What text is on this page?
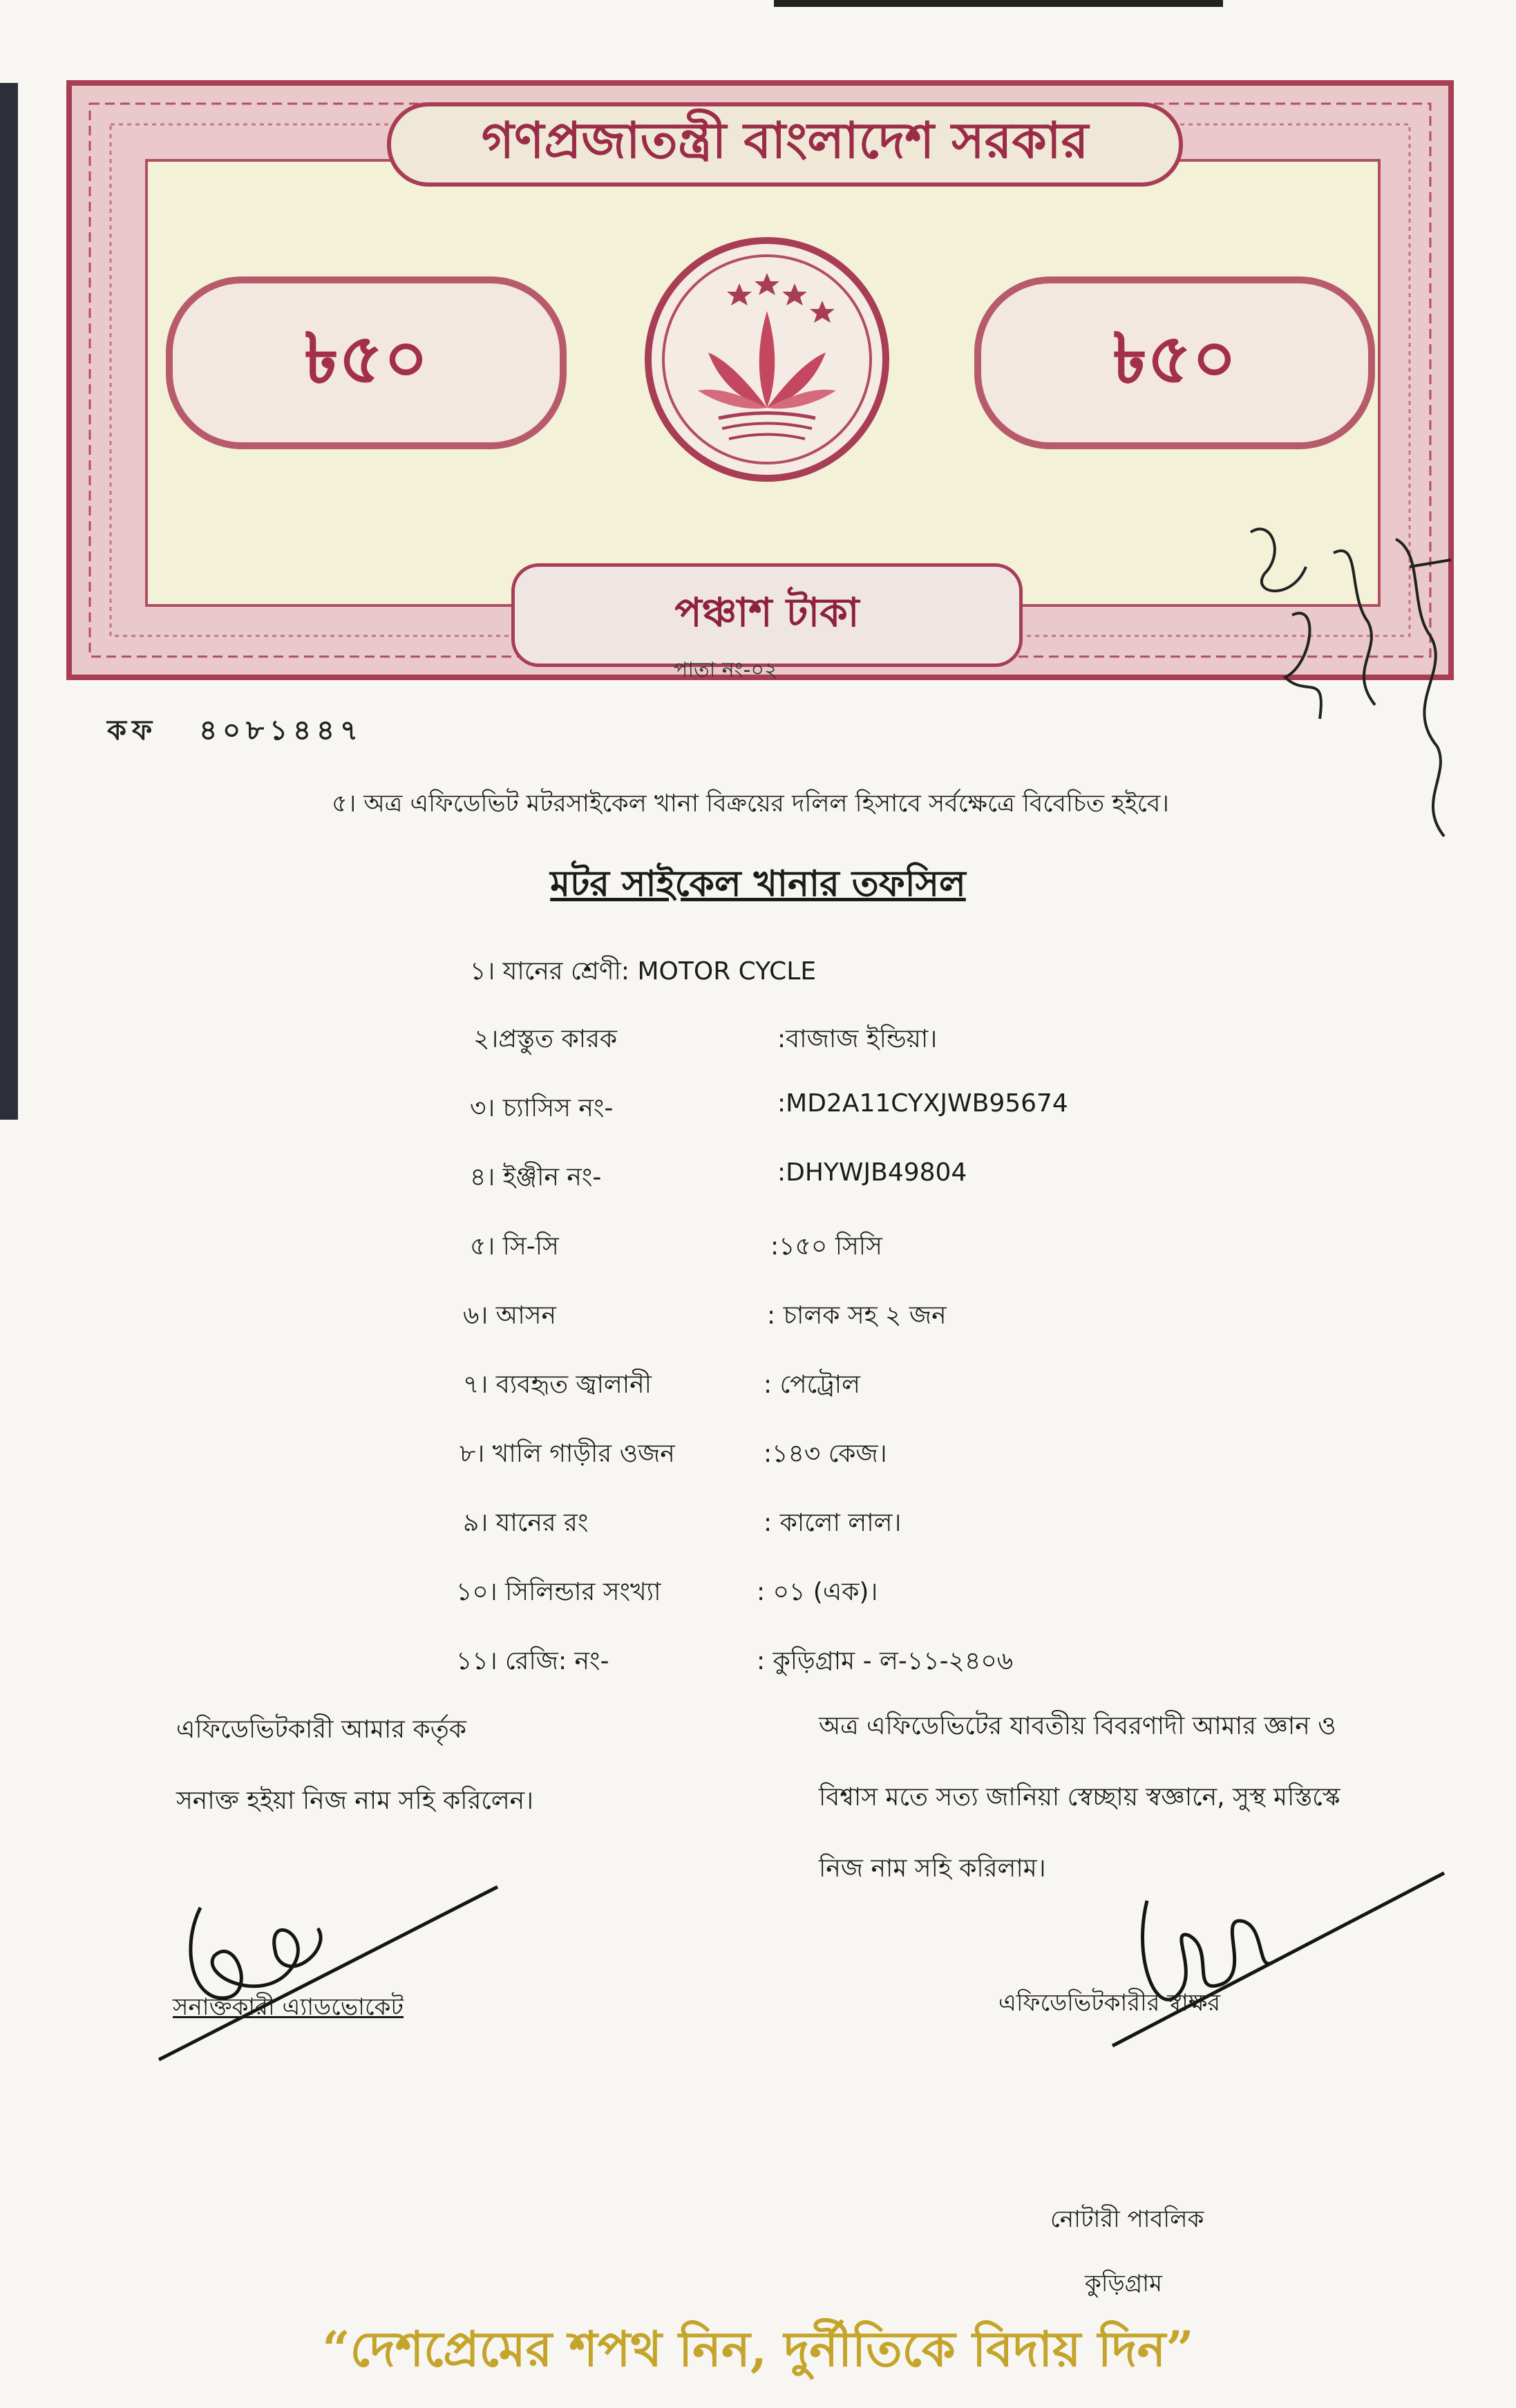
গণপ্রজাতন্ত্রী বাংলাদেশ সরকার
৳৫০	৳৫০
পঞ্চাশ টাকা
পাতা নং-০২
কফ ৪০৮১৪৪৭
৫। অত্র এফিডেভিট মটরসাইকেল খানা বিক্রয়ের দলিল হিসাবে সর্বক্ষেত্রে বিবেচিত হইবে।
মটর সাইকেল খানার তফসিল
১। যানের শ্রেণী: MOTOR CYCLE
২।প্রস্তুত কারক	:বাজাজ ইন্ডিয়া।
৩। চ্যাসিস নং-	:MD2A11CYXJWB95674
৪। ইঞ্জীন নং-	:DHYWJB49804
৫। সি-সি	:১৫০ সিসি
৬। আসন	: চালক সহ ২ জন
৭। ব্যবহৃত জ্বালানী	: পেট্রোল
৮। খালি গাড়ীর ওজন	:১৪৩ কেজ।
৯। যানের রং	: কালো লাল।
১০। সিলিন্ডার সংখ্যা	: ০১ (এক)।
১১। রেজি: নং-	: কুড়িগ্রাম - ল-১১-২৪০৬
এফিডেভিটকারী আমার কর্তৃক
সনাক্ত হইয়া নিজ নাম সহি করিলেন।
অত্র এফিডেভিটের যাবতীয় বিবরণাদী আমার জ্ঞান ও
বিশ্বাস মতে সত্য জানিয়া স্বেচ্ছায় স্বজ্ঞানে, সুস্থ মস্তিস্কে
নিজ নাম সহি করিলাম।
সনাক্তকারী এ্যাডভোকেট	এফিডেভিটকারীর স্বাক্ষর
নোটারী পাবলিক
কুড়িগ্রাম
“দেশপ্রেমের শপথ নিন, দুর্নীতিকে বিদায় দিন”
